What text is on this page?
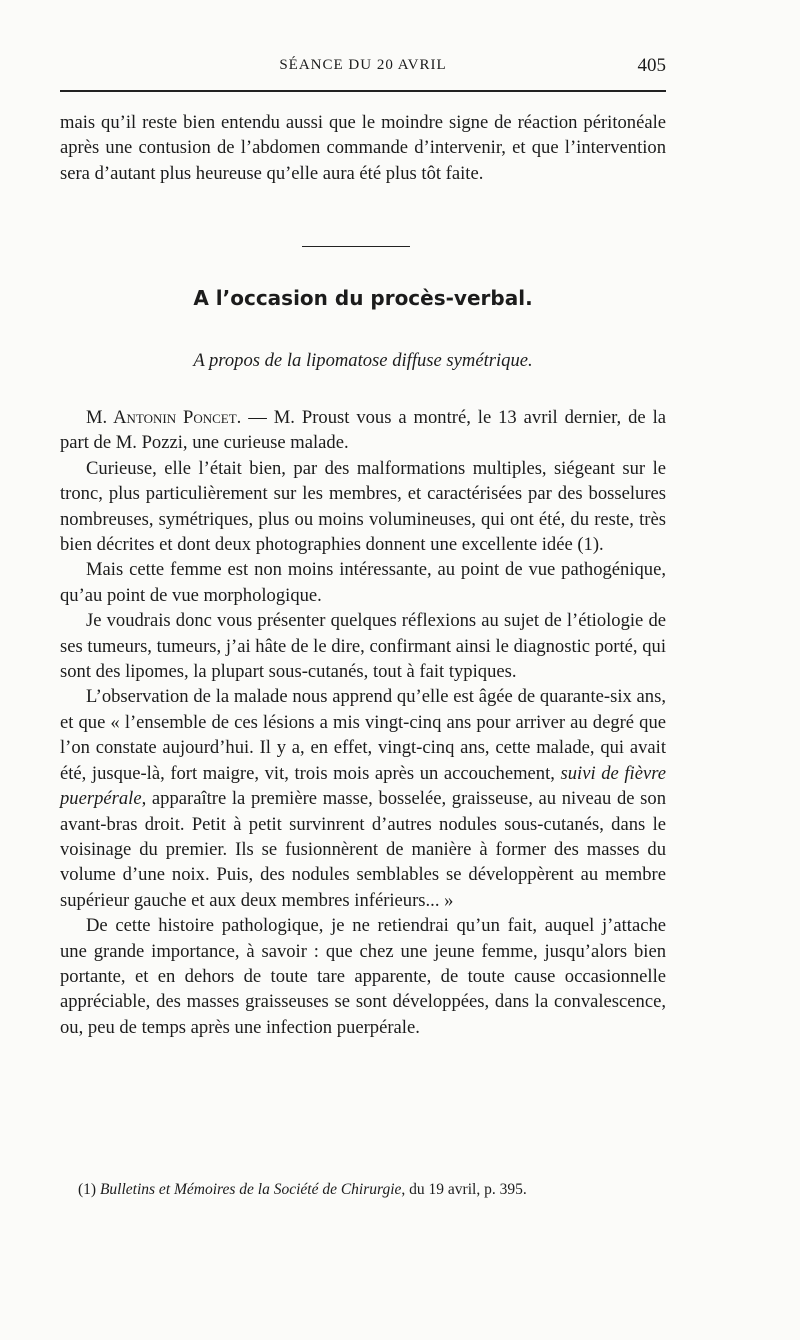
SÉANCE DU 20 AVRIL	405

mais qu’il reste bien entendu aussi que le moindre signe de réaction péritonéale après une contusion de l’abdomen commande d’intervenir, et que l’intervention sera d’autant plus heureuse qu’elle aura été plus tôt faite.

A l’occasion du procès-verbal.
A propos de la lipomatose diffuse symétrique.

M. Antonin Poncet. — M. Proust vous a montré, le 13 avril dernier, de la part de M. Pozzi, une curieuse malade.

Curieuse, elle l’était bien, par des malformations multiples, siégeant sur le tronc, plus particulièrement sur les membres, et caractérisées par des bosselures nombreuses, symétriques, plus ou moins volumineuses, qui ont été, du reste, très bien décrites et dont deux photographies donnent une excellente idée (1).

Mais cette femme est non moins intéressante, au point de vue pathogénique, qu’au point de vue morphologique.

Je voudrais donc vous présenter quelques réflexions au sujet de l’étiologie de ses tumeurs, tumeurs, j’ai hâte de le dire, confirmant ainsi le diagnostic porté, qui sont des lipomes, la plupart sous-cutanés, tout à fait typiques.

L’observation de la malade nous apprend qu’elle est âgée de quarante-six ans, et que « l’ensemble de ces lésions a mis vingt-cinq ans pour arriver au degré que l’on constate aujourd’hui. Il y a, en effet, vingt-cinq ans, cette malade, qui avait été, jusque-là, fort maigre, vit, trois mois après un accouchement, suivi de fièvre puerpérale, apparaître la première masse, bosselée, graisseuse, au niveau de son avant-bras droit. Petit à petit survinrent d’autres nodules sous-cutanés, dans le voisinage du premier. Ils se fusionnèrent de manière à former des masses du volume d’une noix. Puis, des nodules semblables se développèrent au membre supérieur gauche et aux deux membres inférieurs... »

De cette histoire pathologique, je ne retiendrai qu’un fait, auquel j’attache une grande importance, à savoir : que chez une jeune femme, jusqu’alors bien portante, et en dehors de toute tare apparente, de toute cause occasionnelle appréciable, des masses graisseuses se sont développées, dans la convalescence, ou, peu de temps après une infection puerpérale.

(1) Bulletins et Mémoires de la Société de Chirurgie, du 19 avril, p. 395.
